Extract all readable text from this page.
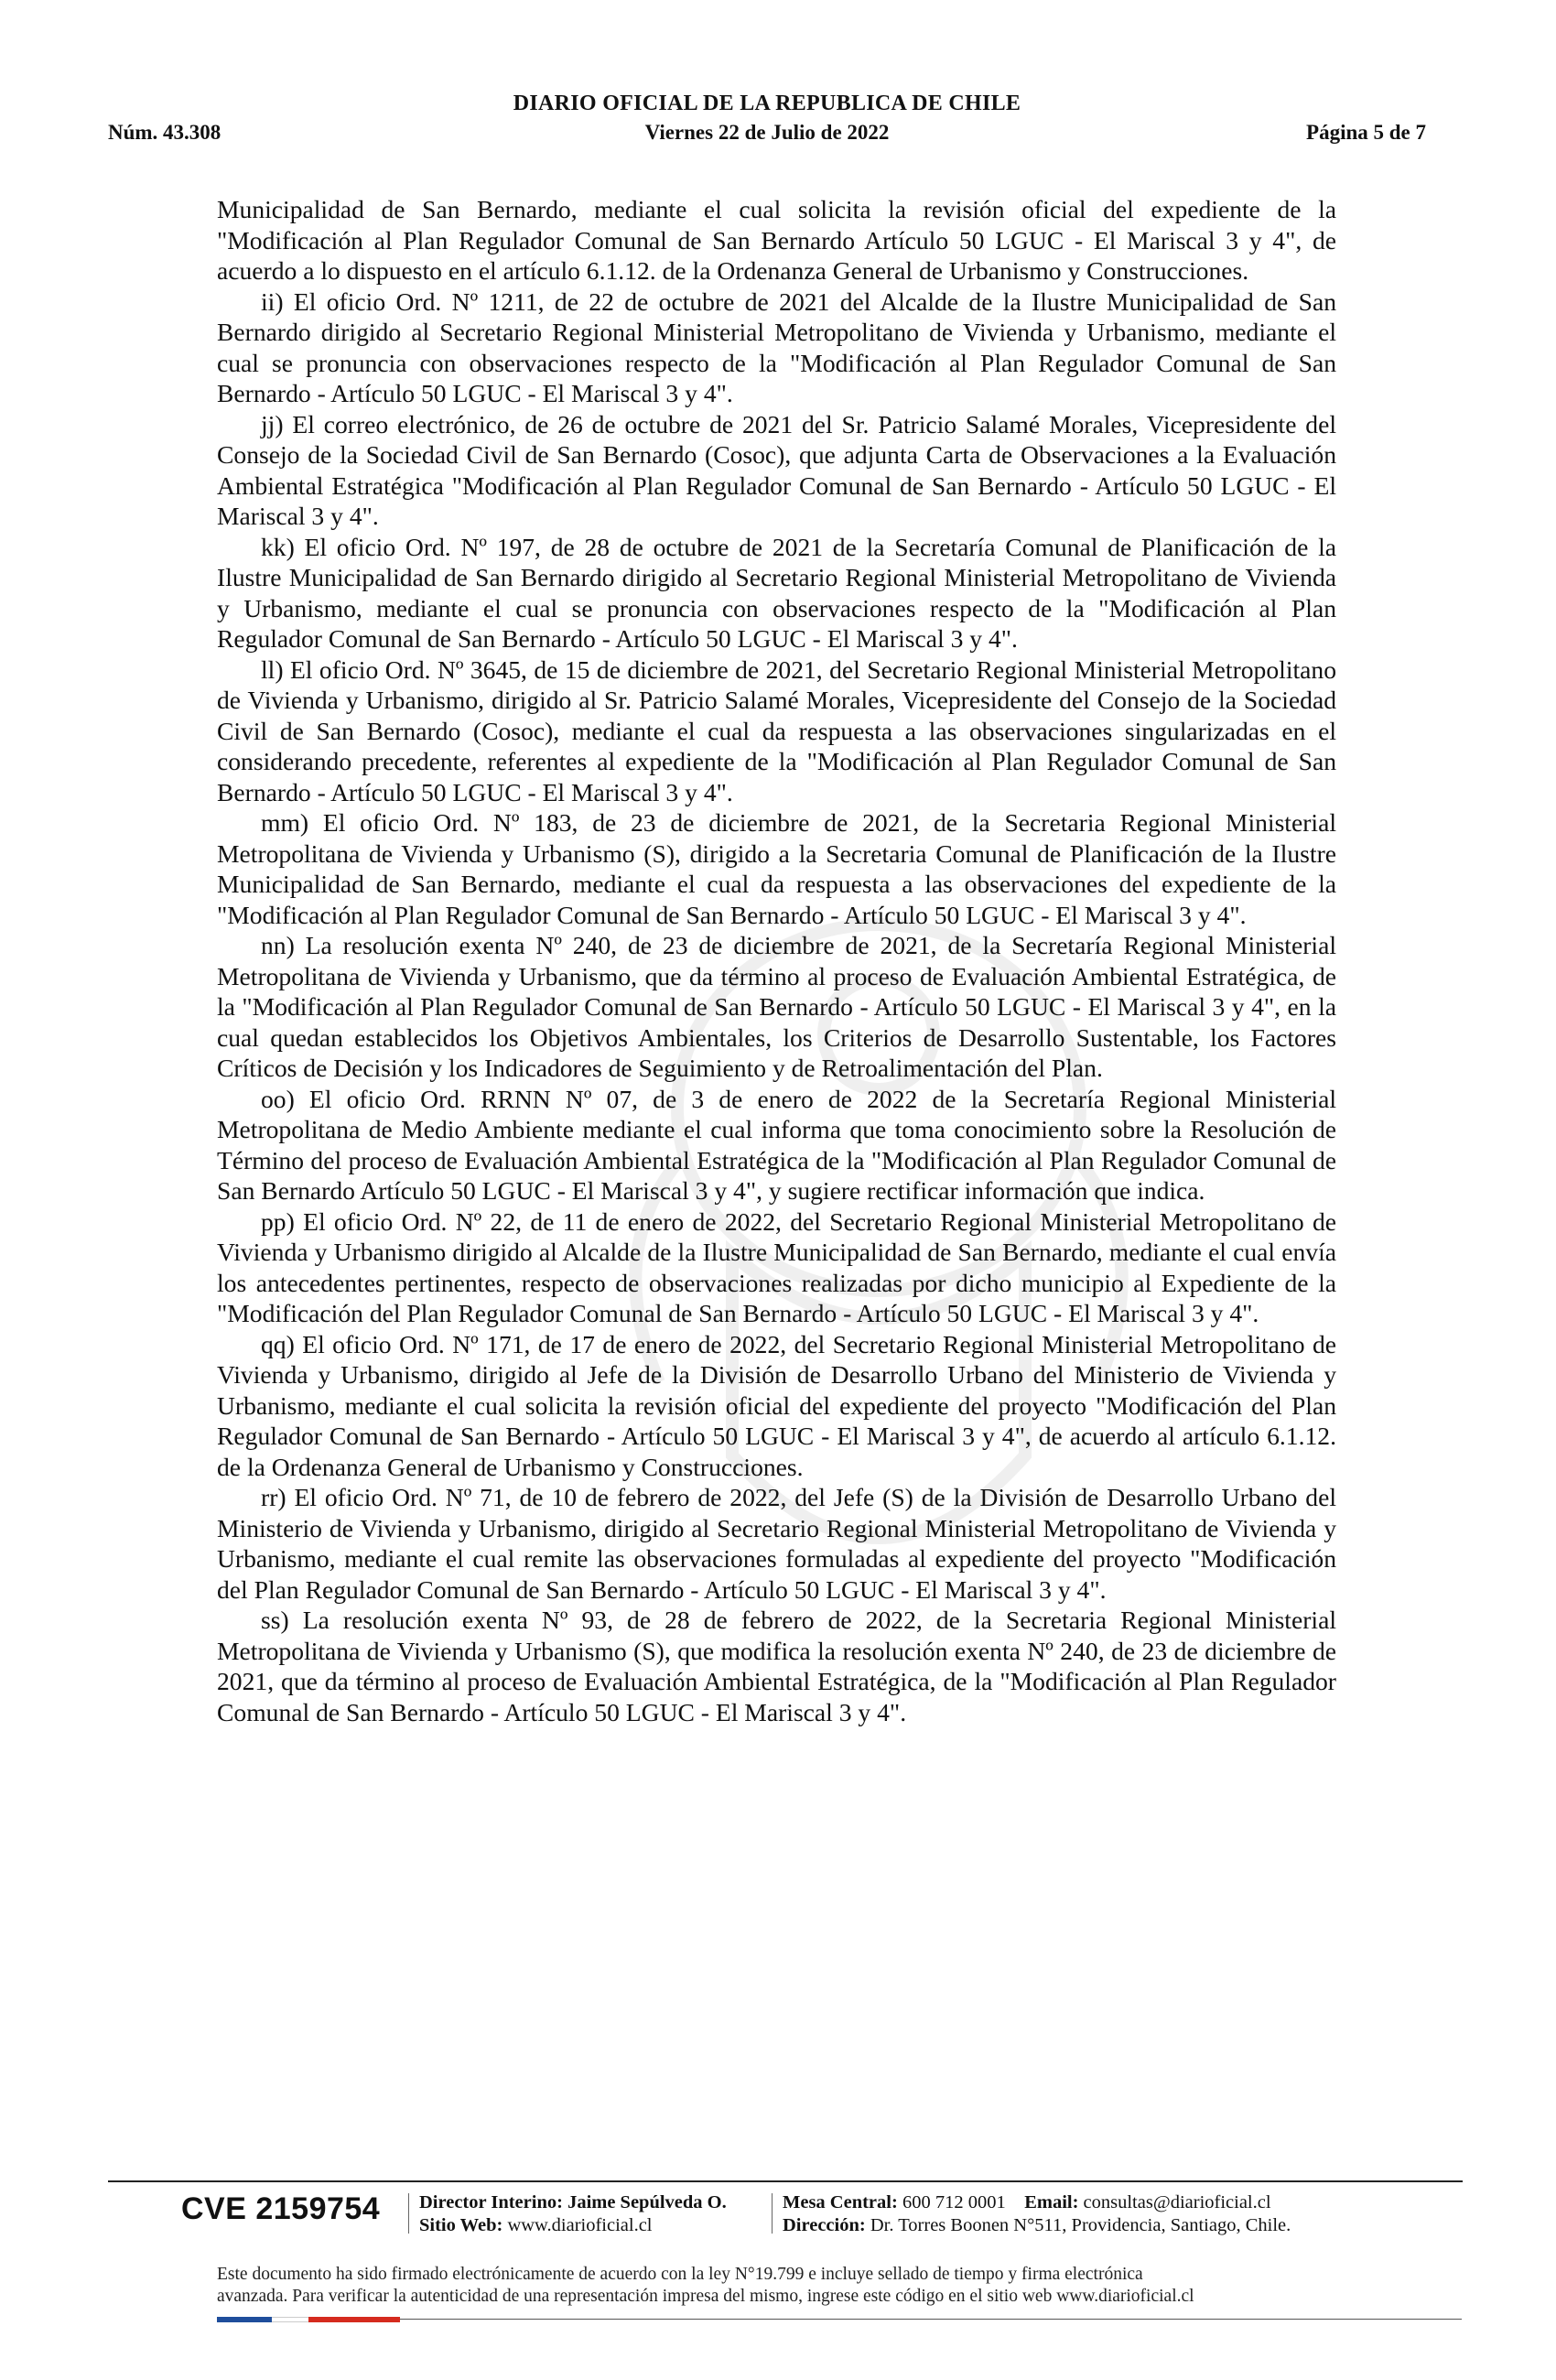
DIARIO OFICIAL DE LA REPUBLICA DE CHILE
Núm. 43.308	Viernes 22 de Julio de 2022	Página 5 de 7

Municipalidad de San Bernardo, mediante el cual solicita la revisión oficial del expediente de la "Modificación al Plan Regulador Comunal de San Bernardo Artículo 50 LGUC - El Mariscal 3 y 4", de acuerdo a lo dispuesto en el artículo 6.1.12. de la Ordenanza General de Urbanismo y Construcciones.

ii) El oficio Ord. Nº 1211, de 22 de octubre de 2021 del Alcalde de la Ilustre Municipalidad de San Bernardo dirigido al Secretario Regional Ministerial Metropolitano de Vivienda y Urbanismo, mediante el cual se pronuncia con observaciones respecto de la "Modificación al Plan Regulador Comunal de San Bernardo - Artículo 50 LGUC - El Mariscal 3 y 4".

jj) El correo electrónico, de 26 de octubre de 2021 del Sr. Patricio Salamé Morales, Vicepresidente del Consejo de la Sociedad Civil de San Bernardo (Cosoc), que adjunta Carta de Observaciones a la Evaluación Ambiental Estratégica "Modificación al Plan Regulador Comunal de San Bernardo - Artículo 50 LGUC - El Mariscal 3 y 4".

kk) El oficio Ord. Nº 197, de 28 de octubre de 2021 de la Secretaría Comunal de Planificación de la Ilustre Municipalidad de San Bernardo dirigido al Secretario Regional Ministerial Metropolitano de Vivienda y Urbanismo, mediante el cual se pronuncia con observaciones respecto de la "Modificación al Plan Regulador Comunal de San Bernardo - Artículo 50 LGUC - El Mariscal 3 y 4".

ll) El oficio Ord. Nº 3645, de 15 de diciembre de 2021, del Secretario Regional Ministerial Metropolitano de Vivienda y Urbanismo, dirigido al Sr. Patricio Salamé Morales, Vicepresidente del Consejo de la Sociedad Civil de San Bernardo (Cosoc), mediante el cual da respuesta a las observaciones singularizadas en el considerando precedente, referentes al expediente de la "Modificación al Plan Regulador Comunal de San Bernardo - Artículo 50 LGUC - El Mariscal 3 y 4".

mm) El oficio Ord. Nº 183, de 23 de diciembre de 2021, de la Secretaria Regional Ministerial Metropolitana de Vivienda y Urbanismo (S), dirigido a la Secretaria Comunal de Planificación de la Ilustre Municipalidad de San Bernardo, mediante el cual da respuesta a las observaciones del expediente de la "Modificación al Plan Regulador Comunal de San Bernardo - Artículo 50 LGUC - El Mariscal 3 y 4".

nn) La resolución exenta Nº 240, de 23 de diciembre de 2021, de la Secretaría Regional Ministerial Metropolitana de Vivienda y Urbanismo, que da término al proceso de Evaluación Ambiental Estratégica, de la "Modificación al Plan Regulador Comunal de San Bernardo - Artículo 50 LGUC - El Mariscal 3 y 4", en la cual quedan establecidos los Objetivos Ambientales, los Criterios de Desarrollo Sustentable, los Factores Críticos de Decisión y los Indicadores de Seguimiento y de Retroalimentación del Plan.

oo) El oficio Ord. RRNN Nº 07, de 3 de enero de 2022 de la Secretaría Regional Ministerial Metropolitana de Medio Ambiente mediante el cual informa que toma conocimiento sobre la Resolución de Término del proceso de Evaluación Ambiental Estratégica de la "Modificación al Plan Regulador Comunal de San Bernardo Artículo 50 LGUC - El Mariscal 3 y 4", y sugiere rectificar información que indica.

pp) El oficio Ord. Nº 22, de 11 de enero de 2022, del Secretario Regional Ministerial Metropolitano de Vivienda y Urbanismo dirigido al Alcalde de la Ilustre Municipalidad de San Bernardo, mediante el cual envía los antecedentes pertinentes, respecto de observaciones realizadas por dicho municipio al Expediente de la "Modificación del Plan Regulador Comunal de San Bernardo - Artículo 50 LGUC - El Mariscal 3 y 4".

qq) El oficio Ord. Nº 171, de 17 de enero de 2022, del Secretario Regional Ministerial Metropolitano de Vivienda y Urbanismo, dirigido al Jefe de la División de Desarrollo Urbano del Ministerio de Vivienda y Urbanismo, mediante el cual solicita la revisión oficial del expediente del proyecto "Modificación del Plan Regulador Comunal de San Bernardo - Artículo 50 LGUC - El Mariscal 3 y 4", de acuerdo al artículo 6.1.12. de la Ordenanza General de Urbanismo y Construcciones.

rr) El oficio Ord. Nº 71, de 10 de febrero de 2022, del Jefe (S) de la División de Desarrollo Urbano del Ministerio de Vivienda y Urbanismo, dirigido al Secretario Regional Ministerial Metropolitano de Vivienda y Urbanismo, mediante el cual remite las observaciones formuladas al expediente del proyecto "Modificación del Plan Regulador Comunal de San Bernardo - Artículo 50 LGUC - El Mariscal 3 y 4".

ss) La resolución exenta Nº 93, de 28 de febrero de 2022, de la Secretaria Regional Ministerial Metropolitana de Vivienda y Urbanismo (S), que modifica la resolución exenta Nº 240, de 23 de diciembre de 2021, que da término al proceso de Evaluación Ambiental Estratégica, de la "Modificación al Plan Regulador Comunal de San Bernardo - Artículo 50 LGUC - El Mariscal 3 y 4".

CVE 2159754 Director Interino: Jaime Sepúlveda O.
Sitio Web: www.diarioficial.cl
Mesa Central: 600 712 0001 Email: consultas@diarioficial.cl
Dirección: Dr. Torres Boonen N°511, Providencia, Santiago, Chile.
Este documento ha sido firmado electrónicamente de acuerdo con la ley N°19.799 e incluye sellado de tiempo y firma electrónica
avanzada. Para verificar la autenticidad de una representación impresa del mismo, ingrese este código en el sitio web www.diarioficial.cl
